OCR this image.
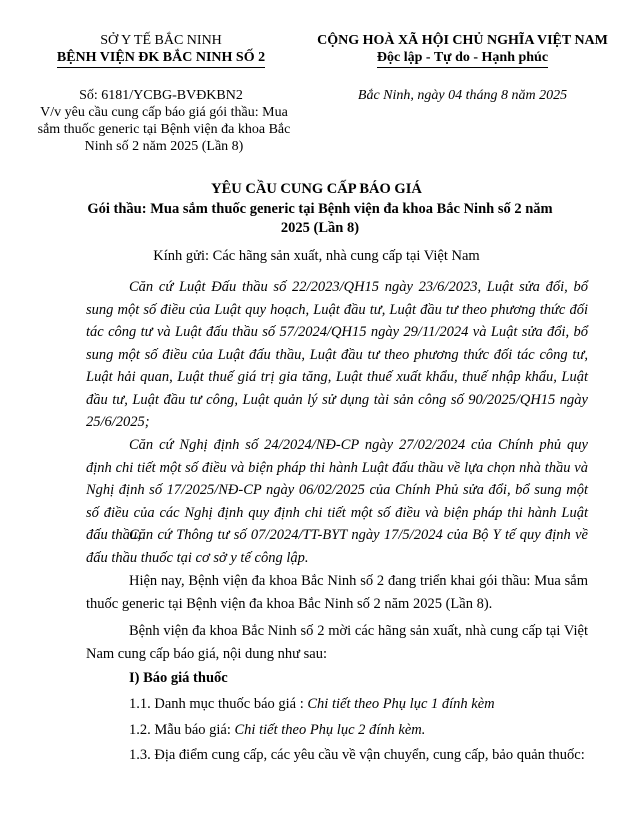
SỞ Y TẾ BẮC NINH
BỆNH VIỆN ĐK BẮC NINH SỐ 2
CỘNG HOÀ XÃ HỘI CHỦ NGHĨA VIỆT NAM
Độc lập - Tự do - Hạnh phúc
Số: 6181/YCBG-BVĐKBN2
V/v yêu cầu cung cấp báo giá gói thầu: Mua sắm thuốc generic tại Bệnh viện đa khoa Bắc Ninh số 2 năm 2025 (Lần 8)
Bắc Ninh, ngày 04 tháng 8 năm 2025
YÊU CẦU CUNG CẤP BÁO GIÁ
Gói thầu: Mua sắm thuốc generic tại Bệnh viện đa khoa Bắc Ninh số 2 năm 2025 (Lần 8)
Kính gửi: Các hãng sản xuất, nhà cung cấp tại Việt Nam
Căn cứ Luật Đấu thầu số 22/2023/QH15 ngày 23/6/2023, Luật sửa đổi, bổ sung một số điều của Luật quy hoạch, Luật đầu tư, Luật đầu tư theo phương thức đối tác công tư và Luật đấu thầu số 57/2024/QH15 ngày 29/11/2024 và Luật sửa đổi, bổ sung một số điều của Luật đấu thầu, Luật đầu tư theo phương thức đối tác công tư, Luật hải quan, Luật thuế giá trị gia tăng, Luật thuế xuất khẩu, thuế nhập khẩu, Luật đầu tư, Luật đầu tư công, Luật quản lý sử dụng tài sản công số 90/2025/QH15 ngày 25/6/2025;
Căn cứ Nghị định số 24/2024/NĐ-CP ngày 27/02/2024 của Chính phủ quy định chi tiết một số điều và biện pháp thi hành Luật đấu thầu về lựa chọn nhà thầu và Nghị định số 17/2025/NĐ-CP ngày 06/02/2025 của Chính Phủ sửa đổi, bổ sung một số điều của các Nghị định quy định chi tiết một số điều và biện pháp thi hành Luật đấu thầu;
Căn cứ Thông tư số 07/2024/TT-BYT ngày 17/5/2024 của Bộ Y tế quy định về đấu thầu thuốc tại cơ sở y tế công lập.
Hiện nay, Bệnh viện đa khoa Bắc Ninh số 2 đang triển khai gói thầu: Mua sắm thuốc generic tại Bệnh viện đa khoa Bắc Ninh số 2 năm 2025 (Lần 8).
Bệnh viện đa khoa Bắc Ninh số 2 mời các hãng sản xuất, nhà cung cấp tại Việt Nam cung cấp báo giá, nội dung như sau:
I) Báo giá thuốc
1.1. Danh mục thuốc báo giá : Chi tiết theo Phụ lục 1 đính kèm
1.2. Mẫu báo giá: Chi tiết theo Phụ lục 2 đính kèm.
1.3. Địa điểm cung cấp, các yêu cầu về vận chuyển, cung cấp, bảo quản thuốc:
